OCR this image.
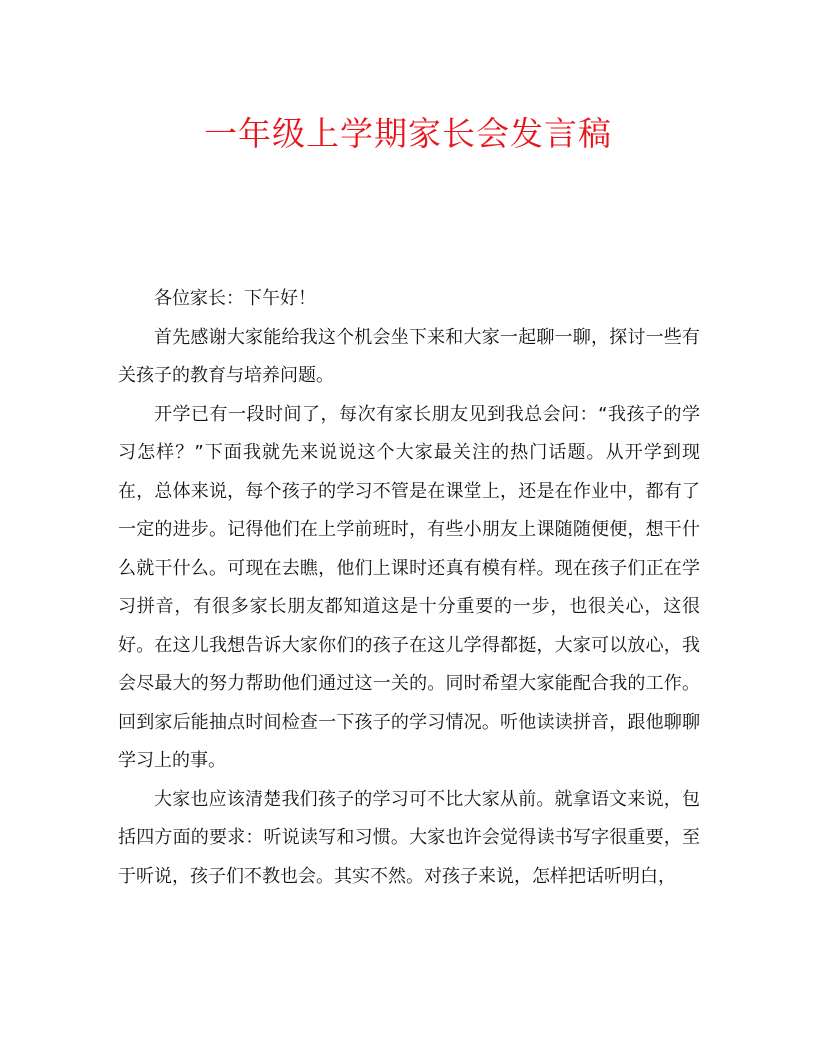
一年级上学期家长会发言稿

各位家长：下午好！

首先感谢大家能给我这个机会坐下来和大家一起聊一聊，探讨一些有关孩子的教育与培养问题。

开学已有一段时间了，每次有家长朋友见到我总会问：“我孩子的学习怎样？”下面我就先来说说这个大家最关注的热门话题。从开学到现在，总体来说，每个孩子的学习不管是在课堂上，还是在作业中，都有了一定的进步。记得他们在上学前班时，有些小朋友上课随随便便，想干什么就干什么。可现在去瞧，他们上课时还真有模有样。现在孩子们正在学习拼音，有很多家长朋友都知道这是十分重要的一步，也很关心，这很好。在这儿我想告诉大家你们的孩子在这儿学得都挺，大家可以放心，我会尽最大的努力帮助他们通过这一关的。同时希望大家能配合我的工作。回到家后能抽点时间检查一下孩子的学习情况。听他读读拼音，跟他聊聊学习上的事。

大家也应该清楚我们孩子的学习可不比大家从前。就拿语文来说，包括四方面的要求：听说读写和习惯。大家也许会觉得读书写字很重要，至于听说，孩子们不教也会。其实不然。对孩子来说，怎样把话听明白，
